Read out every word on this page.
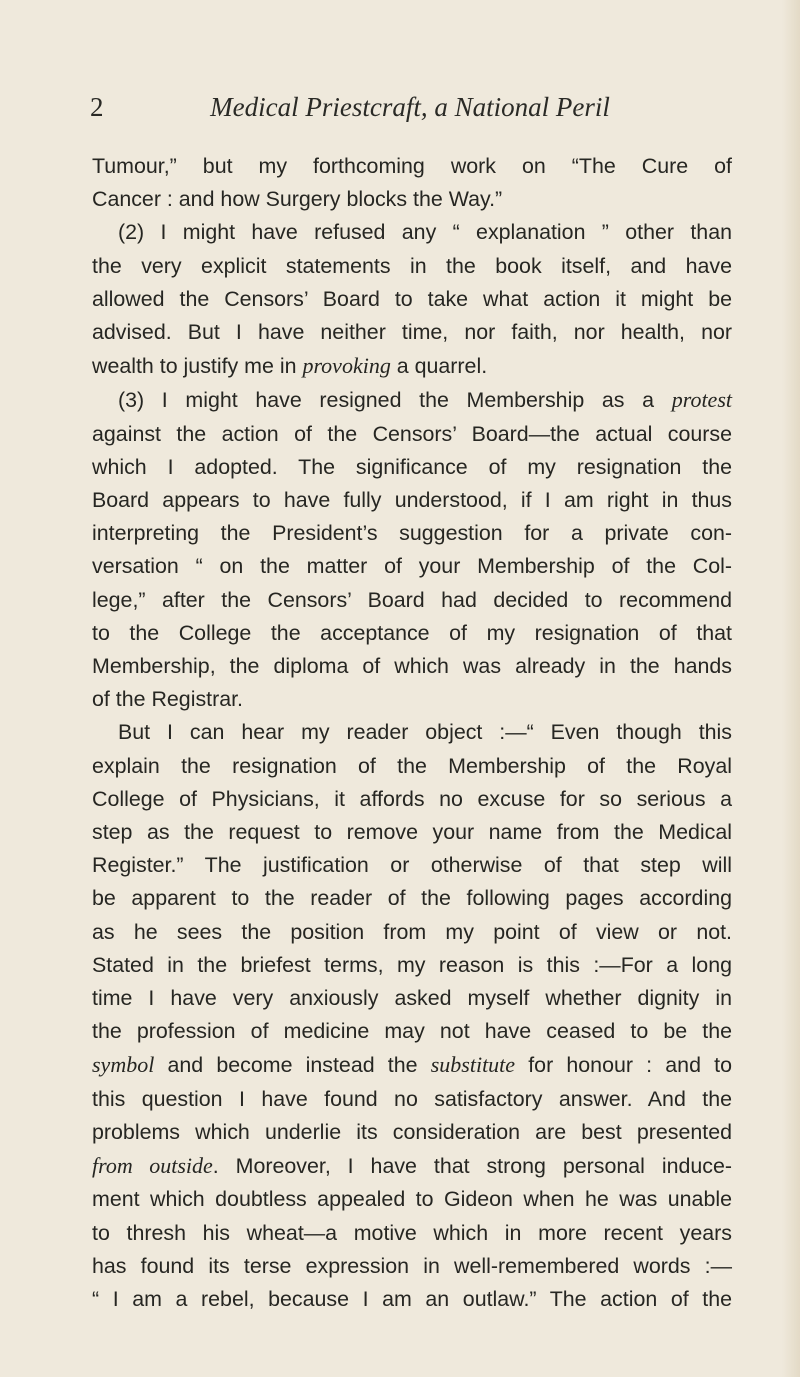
2	Medical Priestcraft, a National Peril
Tumour,” but my forthcoming work on “The Cure of
Cancer : and how Surgery blocks the Way.”
(2) I might have refused any “ explanation ” other than
the very explicit statements in the book itself, and have
allowed the Censors’ Board to take what action it might be
advised. But I have neither time, nor faith, nor health, nor
wealth to justify me in provoking a quarrel.
(3) I might have resigned the Membership as a protest
against the action of the Censors’ Board—the actual course
which I adopted. The significance of my resignation the
Board appears to have fully understood, if I am right in thus
interpreting the President’s suggestion for a private con-
versation “ on the matter of your Membership of the Col-
lege,” after the Censors’ Board had decided to recommend
to the College the acceptance of my resignation of that
Membership, the diploma of which was already in the hands
of the Registrar.
But I can hear my reader object :—“ Even though this
explain the resignation of the Membership of the Royal
College of Physicians, it affords no excuse for so serious a
step as the request to remove your name from the Medical
Register.” The justification or otherwise of that step will
be apparent to the reader of the following pages according
as he sees the position from my point of view or not.
Stated in the briefest terms, my reason is this :—For a long
time I have very anxiously asked myself whether dignity in
the profession of medicine may not have ceased to be the
symbol and become instead the substitute for honour : and to
this question I have found no satisfactory answer. And the
problems which underlie its consideration are best presented
from outside. Moreover, I have that strong personal induce-
ment which doubtless appealed to Gideon when he was unable
to thresh his wheat—a motive which in more recent years
has found its terse expression in well-remembered words :—
“ I am a rebel, because I am an outlaw.” The action of the
